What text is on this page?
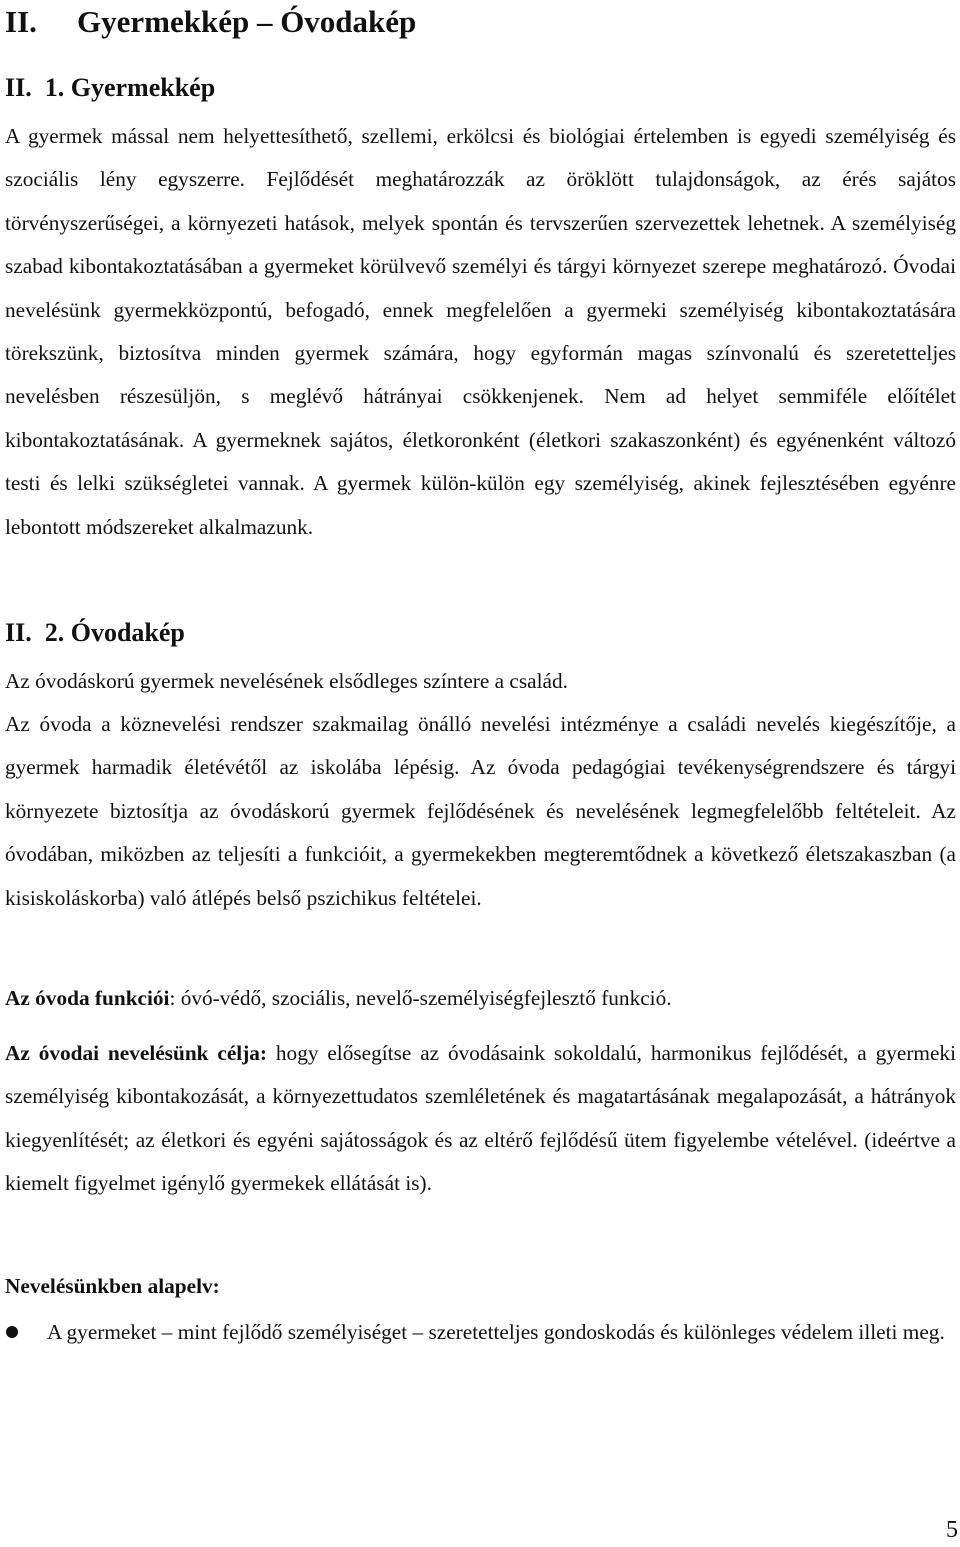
II. Gyermekkép – Óvodakép
II.  1. Gyermekkép

A gyermek mással nem helyettesíthető, szellemi, erkölcsi és biológiai értelemben is egyedi személyiség és szociális lény egyszerre. Fejlődését meghatározzák az öröklött tulajdonságok, az érés sajátos törvényszerűségei, a környezeti hatások, melyek spontán és tervszerűen szervezettek lehetnek. A személyiség szabad kibontakoztatásában a gyermeket körülvevő személyi és tárgyi környezet szerepe meghatározó. Óvodai nevelésünk gyermekközpontú, befogadó, ennek megfelelően a gyermeki személyiség kibontakoztatására törekszünk, biztosítva minden gyermek számára, hogy egyformán magas színvonalú és szeretetteljes nevelésben részesüljön, s meglévő hátrányai csökkenjenek. Nem ad helyet semmiféle előítélet kibontakoztatásának. A gyermeknek sajátos, életkoronként (életkori szakaszonként) és egyénenként változó testi és lelki szükségletei vannak. A gyermek külön-külön egy személyiség, akinek fejlesztésében egyénre lebontott módszereket alkalmazunk.

II.  2. Óvodakép

Az óvodáskorú gyermek nevelésének elsődleges színtere a család.

Az óvoda a köznevelési rendszer szakmailag önálló nevelési intézménye a családi nevelés kiegészítője, a gyermek harmadik életévétől az iskolába lépésig. Az óvoda pedagógiai tevékenységrendszere és tárgyi környezete biztosítja az óvodáskorú gyermek fejlődésének és nevelésének legmegfelelőbb feltételeit. Az óvodában, miközben az teljesíti a funkcióit, a gyermekekben megteremtődnek a következő életszakaszban (a kisiskoláskorba) való átlépés belső pszichikus feltételei.

Az óvoda funkciói: óvó-védő, szociális, nevelő-személyiségfejlesztő funkció.

Az óvodai nevelésünk célja: hogy elősegítse az óvodásaink sokoldalú, harmonikus fejlődését, a gyermeki személyiség kibontakozását, a környezettudatos szemléletének és magatartásának megalapozását, a hátrányok kiegyenlítését; az életkori és egyéni sajátosságok és az eltérő fejlődésű ütem figyelembe vételével. (ideértve a kiemelt figyelmet igénylő gyermekek ellátását is).

Nevelésünkben alapelv:

A gyermeket – mint fejlődő személyiséget – szeretetteljes gondoskodás és különleges védelem illeti meg.
5
